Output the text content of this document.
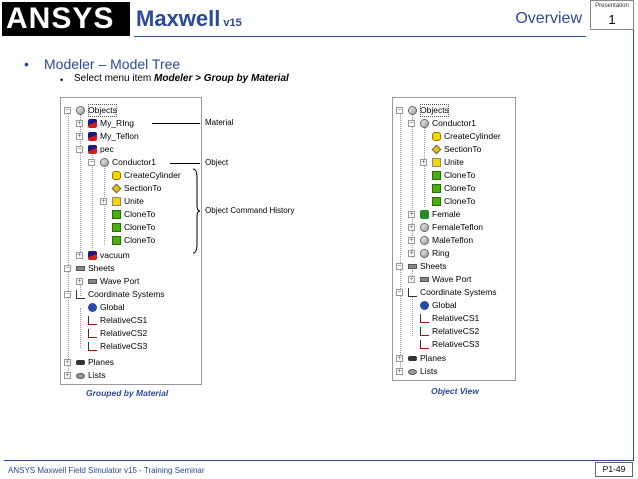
ANSYS Maxwell v15	Overview
Presentation
1
• Modeler – Model Tree
• Select menu item Modeler > Group by Material
− Objects
+ My_RIng
+ My_Teflon
− pec
− Conductor1
CreateCylinder
SectionTo
+ Unite
CloneTo
CloneTo
CloneTo
+ vacuum
− Sheets
+ Wave Port
− Coordinate Systems
Global
RelativeCS1
RelativeCS2
RelativeCS3
+ Planes
+ Lists
Material
Object
Object Command History
Grouped by Material
− Objects
− Conductor1
CreateCylinder
SectionTo
+ Unite
CloneTo
CloneTo
CloneTo
+ Female
+ FemaleTeflon
+ MaleTeflon
+ Ring
− Sheets
+ Wave Port
− Coordinate Systems
Global
RelativeCS1
RelativeCS2
RelativeCS3
+ Planes
+ Lists
Object View
ANSYS Maxwell Field Simulator v15 - Training Seminar	P1-49
